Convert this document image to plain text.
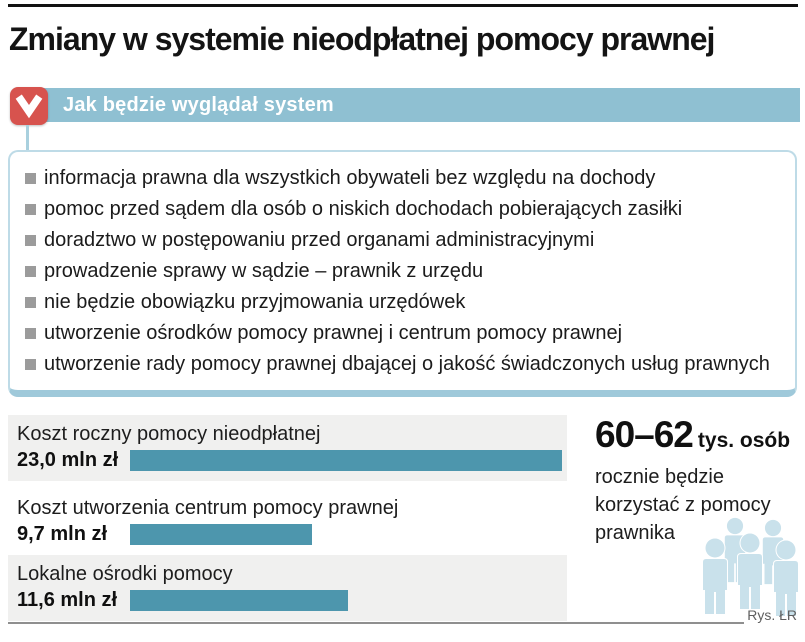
Zmiany w systemie nieodpłatnej pomocy prawnej
Jak będzie wyglądał system
informacja prawna dla wszystkich obywateli bez względu na dochody
pomoc przed sądem dla osób o niskich dochodach pobierających zasiłki
doradztwo w postępowaniu przed organami administracyjnymi
prowadzenie sprawy w sądzie – prawnik z urzędu
nie będzie obowiązku przyjmowania urzędówek
utworzenie ośrodków pomocy prawnej i centrum pomocy prawnej
utworzenie rady pomocy prawnej dbającej o jakość świadczonych usług prawnych
Koszt roczny pomocy nieodpłatnej
23,0 mln zł
Koszt utworzenia centrum pomocy prawnej
9,7 mln zł
Lokalne ośrodki pomocy
11,6 mln zł
60–62 tys. osób
rocznie będzie korzystać z pomocy prawnika
Rys. ŁR
